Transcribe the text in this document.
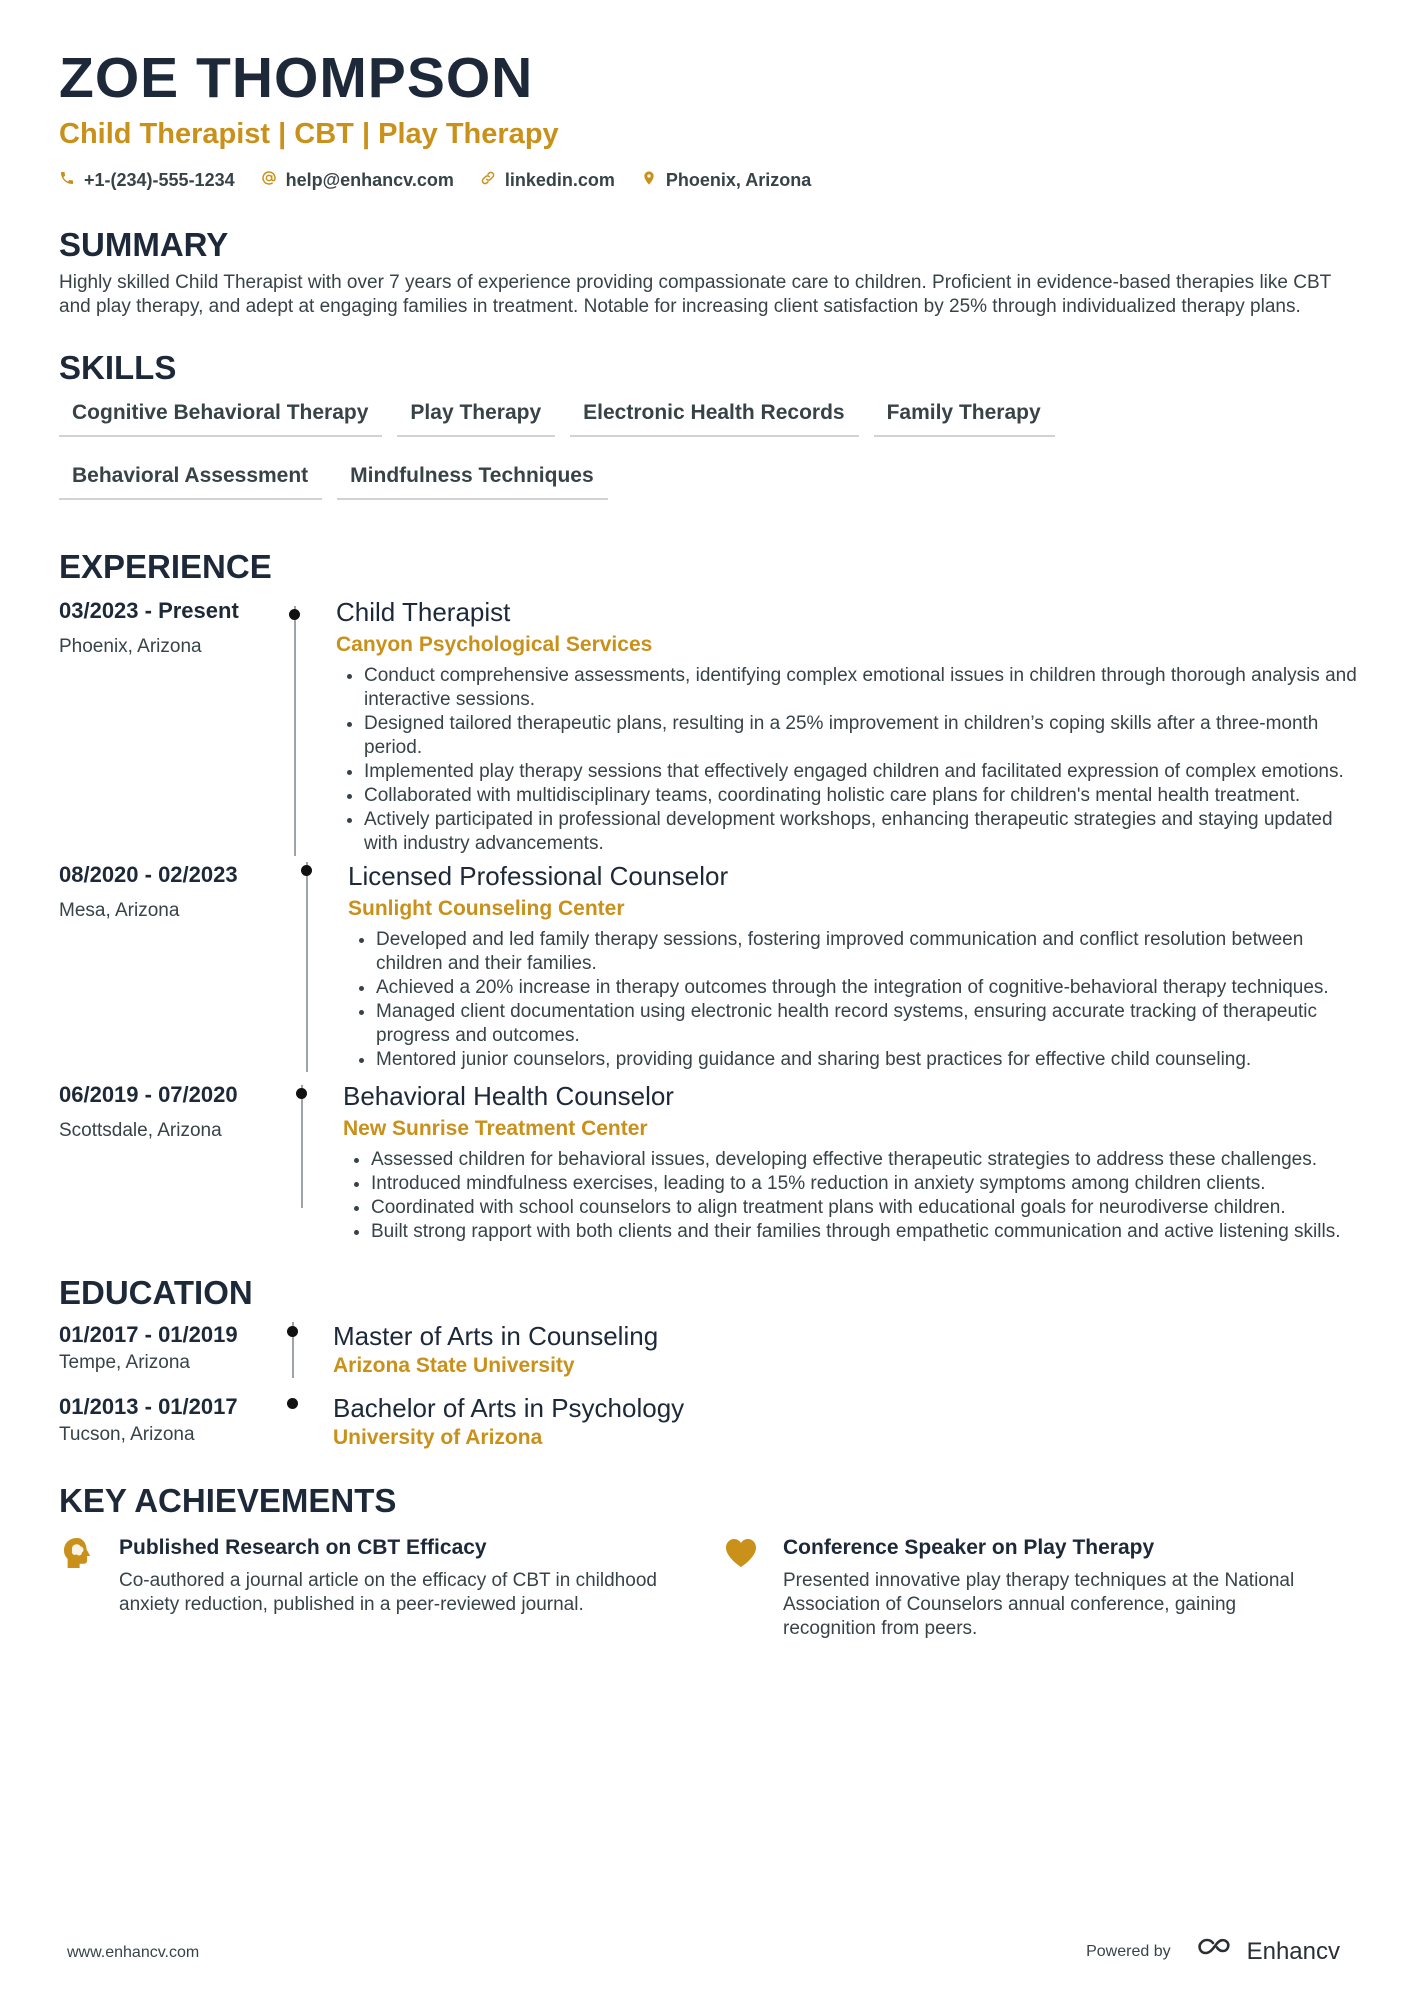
ZOE THOMPSON
Child Therapist | CBT | Play Therapy
+1-(234)-555-1234	help@enhancv.com	linkedin.com	Phoenix, Arizona
SUMMARY
Highly skilled Child Therapist with over 7 years of experience providing compassionate care to children. Proficient in evidence-based therapies like CBT and play therapy, and adept at engaging families in treatment. Notable for increasing client satisfaction by 25% through individualized therapy plans.
SKILLS
Cognitive Behavioral Therapy	Play Therapy	Electronic Health Records	Family Therapy
Behavioral Assessment	Mindfulness Techniques
EXPERIENCE
03/2023 - Present
Phoenix, Arizona
Child Therapist
Canyon Psychological Services
• Conduct comprehensive assessments, identifying complex emotional issues in children through thorough analysis and interactive sessions.
• Designed tailored therapeutic plans, resulting in a 25% improvement in children’s coping skills after a three-month period.
• Implemented play therapy sessions that effectively engaged children and facilitated expression of complex emotions.
• Collaborated with multidisciplinary teams, coordinating holistic care plans for children's mental health treatment.
• Actively participated in professional development workshops, enhancing therapeutic strategies and staying updated with industry advancements.
08/2020 - 02/2023
Mesa, Arizona
Licensed Professional Counselor
Sunlight Counseling Center
• Developed and led family therapy sessions, fostering improved communication and conflict resolution between children and their families.
• Achieved a 20% increase in therapy outcomes through the integration of cognitive-behavioral therapy techniques.
• Managed client documentation using electronic health record systems, ensuring accurate tracking of therapeutic progress and outcomes.
• Mentored junior counselors, providing guidance and sharing best practices for effective child counseling.
06/2019 - 07/2020
Scottsdale, Arizona
Behavioral Health Counselor
New Sunrise Treatment Center
• Assessed children for behavioral issues, developing effective therapeutic strategies to address these challenges.
• Introduced mindfulness exercises, leading to a 15% reduction in anxiety symptoms among children clients.
• Coordinated with school counselors to align treatment plans with educational goals for neurodiverse children.
• Built strong rapport with both clients and their families through empathetic communication and active listening skills.
EDUCATION
01/2017 - 01/2019
Tempe, Arizona
Master of Arts in Counseling
Arizona State University
01/2013 - 01/2017
Tucson, Arizona
Bachelor of Arts in Psychology
University of Arizona
KEY ACHIEVEMENTS
Published Research on CBT Efficacy
Co-authored a journal article on the efficacy of CBT in childhood anxiety reduction, published in a peer-reviewed journal.
Conference Speaker on Play Therapy
Presented innovative play therapy techniques at the National Association of Counselors annual conference, gaining recognition from peers.
www.enhancv.com	Powered by	Enhancv
